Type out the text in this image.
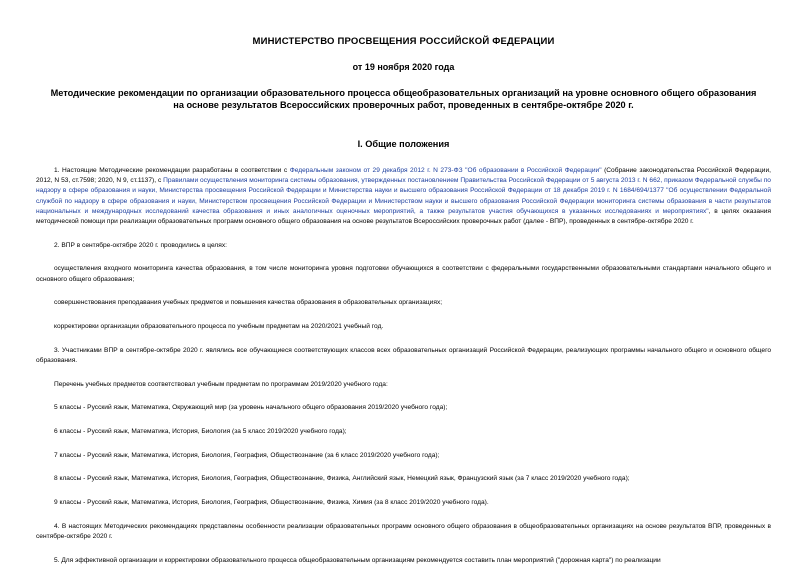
МИНИСТЕРСТВО ПРОСВЕЩЕНИЯ РОССИЙСКОЙ ФЕДЕРАЦИИ
от 19 ноября 2020 года
Методические рекомендации по организации образовательного процесса общеобразовательных организаций на уровне основного общего образования на основе результатов Всероссийских проверочных работ, проведенных в сентябре-октябре 2020 г.
I. Общие положения

1. Настоящие Методические рекомендации разработаны в соответствии с Федеральным законом от 29 декабря 2012 г. N 273-ФЗ "Об образовании в Российской Федерации" (Собрание законодательства Российской Федерации, 2012, N 53, ст.7598; 2020, N 9, ст.1137), с Правилами осуществления мониторинга системы образования, утвержденных постановлением Правительства Российской Федерации от 5 августа 2013 г. N 662, приказом Федеральной службы по надзору в сфере образования и науки, Министерства просвещения Российской Федерации и Министерства науки и высшего образования Российской Федерации от 18 декабря 2019 г. N 1684/694/1377 "Об осуществлении Федеральной службой по надзору в сфере образования и науки, Министерством просвещения Российской Федерации и Министерством науки и высшего образования Российской Федерации мониторинга системы образования в части результатов национальных и международных исследований качества образования и иных аналогичных оценочных мероприятий, а также результатов участия обучающихся в указанных исследованиях и мероприятиях", в целях оказания методической помощи при реализации образовательных программ основного общего образования на основе результатов Всероссийских проверочных работ (далее - ВПР), проведенных в сентябре-октябре 2020 г.

2. ВПР в сентябре-октябре 2020 г. проводились в целях:

осуществления входного мониторинга качества образования, в том числе мониторинга уровня подготовки обучающихся в соответствии с федеральными государственными образовательными стандартами начального общего и основного общего образования;

совершенствования преподавания учебных предметов и повышения качества образования в образовательных организациях;

корректировки организации образовательного процесса по учебным предметам на 2020/2021 учебный год.

3. Участниками ВПР в сентябре-октябре 2020 г. являлись все обучающиеся соответствующих классов всех образовательных организаций Российской Федерации, реализующих программы начального общего и основного общего образования.

Перечень учебных предметов соответствовал учебным предметам по программам 2019/2020 учебного года:

5 классы - Русский язык, Математика, Окружающий мир (за уровень начального общего образования 2019/2020 учебного года);

6 классы - Русский язык, Математика, История, Биология (за 5 класс 2019/2020 учебного года);

7 классы - Русский язык, Математика, История, Биология, География, Обществознание (за 6 класс 2019/2020 учебного года);

8 классы - Русский язык, Математика, История, Биология, География, Обществознание, Физика, Английский язык, Немецкий язык, Французский язык (за 7 класс 2019/2020 учебного года);

9 классы - Русский язык, Математика, История, Биология, География, Обществознание, Физика, Химия (за 8 класс 2019/2020 учебного года).

4. В настоящих Методических рекомендациях представлены особенности реализации образовательных программ основного общего образования в общеобразовательных организациях на основе результатов ВПР, проведенных в сентябре-октябре 2020 г.

5. Для эффективной организации и корректировки образовательного процесса общеобразовательным организациям рекомендуется составить план мероприятий ("дорожная карта") по реализации
